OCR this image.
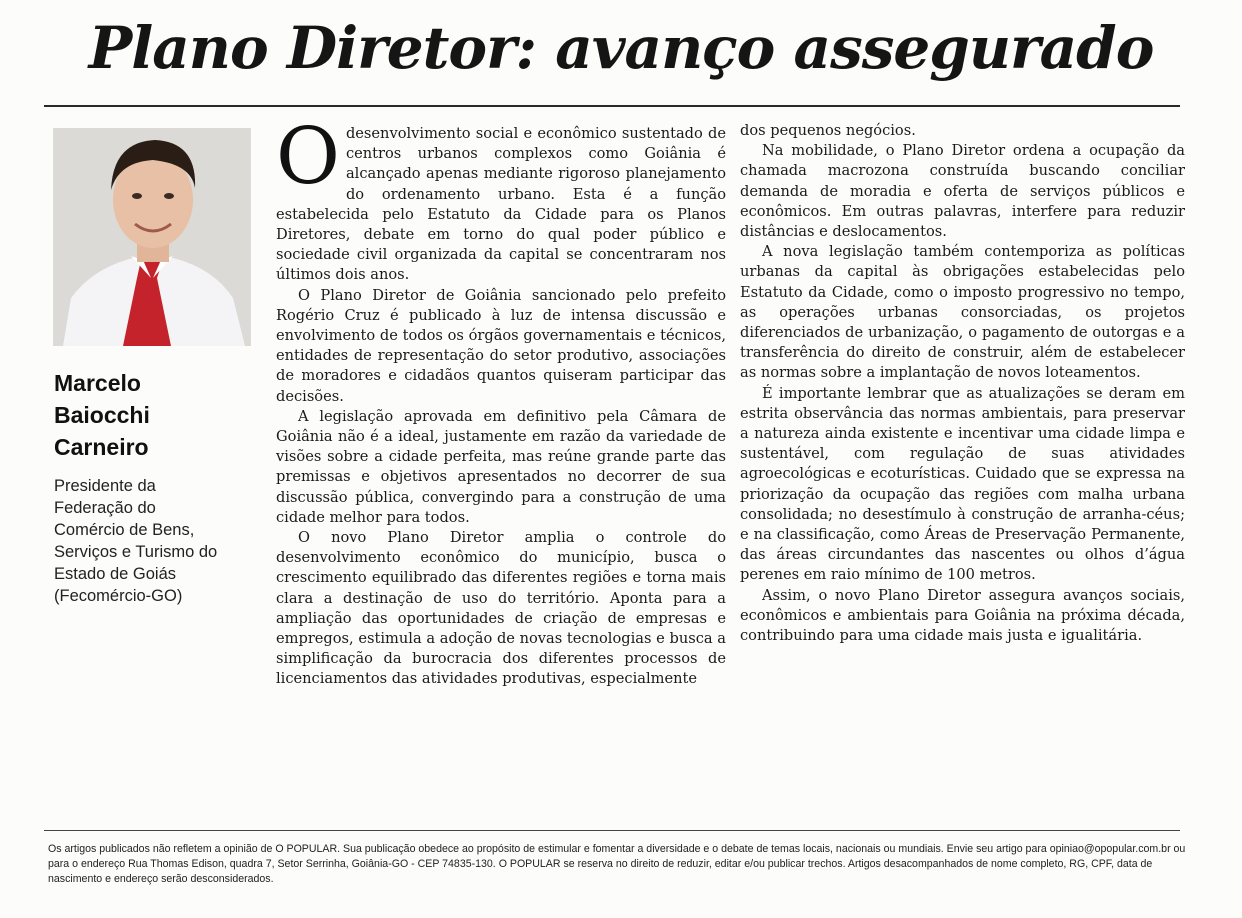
Plano Diretor: avanço assegurado
Marcelo
Baiocchi
Carneiro
Presidente da
Federação do
Comércio de Bens,
Serviços e Turismo do
Estado de Goiás
(Fecomércio-GO)

Odesenvolvimento social e econômico sustentado de centros urbanos complexos como Goiânia é alcançado apenas mediante rigoroso planejamento do ordenamento urbano. Esta é a função estabelecida pelo Estatuto da Cidade para os Planos Diretores, debate em torno do qual poder público e sociedade civil organizada da capital se concentraram nos últimos dois anos.

O Plano Diretor de Goiânia sancionado pelo prefeito Rogério Cruz é publicado à luz de intensa discussão e envolvimento de todos os órgãos governamentais e técnicos, entidades de representação do setor produtivo, associações de moradores e cidadãos quantos quiseram participar das decisões.

A legislação aprovada em definitivo pela Câmara de Goiânia não é a ideal, justamente em razão da variedade de visões sobre a cidade perfeita, mas reúne grande parte das premissas e objetivos apresentados no decorrer de sua discussão pública, convergindo para a construção de uma cidade melhor para todos.

O novo Plano Diretor amplia o controle do desenvolvimento econômico do município, busca o crescimento equilibrado das diferentes regiões e torna mais clara a destinação de uso do território. Aponta para a ampliação das oportunidades de criação de empresas e empregos, estimula a adoção de novas tecnologias e busca a simplificação da burocracia dos diferentes processos de licenciamentos das atividades produtivas, especialmente

dos pequenos negócios.

Na mobilidade, o Plano Diretor ordena a ocupação da chamada macrozona construída buscando conciliar demanda de moradia e oferta de serviços públicos e econômicos. Em outras palavras, interfere para reduzir distâncias e deslocamentos.

A nova legislação também contemporiza as políticas urbanas da capital às obrigações estabelecidas pelo Estatuto da Cidade, como o imposto progressivo no tempo, as operações urbanas consorciadas, os projetos diferenciados de urbanização, o pagamento de outorgas e a transferência do direito de construir, além de estabelecer as normas sobre a implantação de novos loteamentos.

É importante lembrar que as atualizações se deram em estrita observância das normas ambientais, para preservar a natureza ainda existente e incentivar uma cidade limpa e sustentável, com regulação de suas atividades agroecológicas e ecoturísticas. Cuidado que se expressa na priorização da ocupação das regiões com malha urbana consolidada; no desestímulo à construção de arranha-céus; e na classificação, como Áreas de Preservação Permanente, das áreas circundantes das nascentes ou olhos d’água perenes em raio mínimo de 100 metros.

Assim, o novo Plano Diretor assegura avanços sociais, econômicos e ambientais para Goiânia na próxima década, contribuindo para uma cidade mais justa e igualitária.

Os artigos publicados não refletem a opinião de O POPULAR. Sua publicação obedece ao propósito de estimular e fomentar a diversidade e o debate de temas locais, nacionais ou mundiais. Envie seu artigo para opiniao@opopular.com.br ou para o endereço Rua Thomas Edison, quadra 7, Setor Serrinha, Goiânia-GO - CEP 74835-130. O POPULAR se reserva no direito de reduzir, editar e/ou publicar trechos. Artigos desacompanhados de nome completo, RG, CPF, data de nascimento e endereço serão desconsiderados.
